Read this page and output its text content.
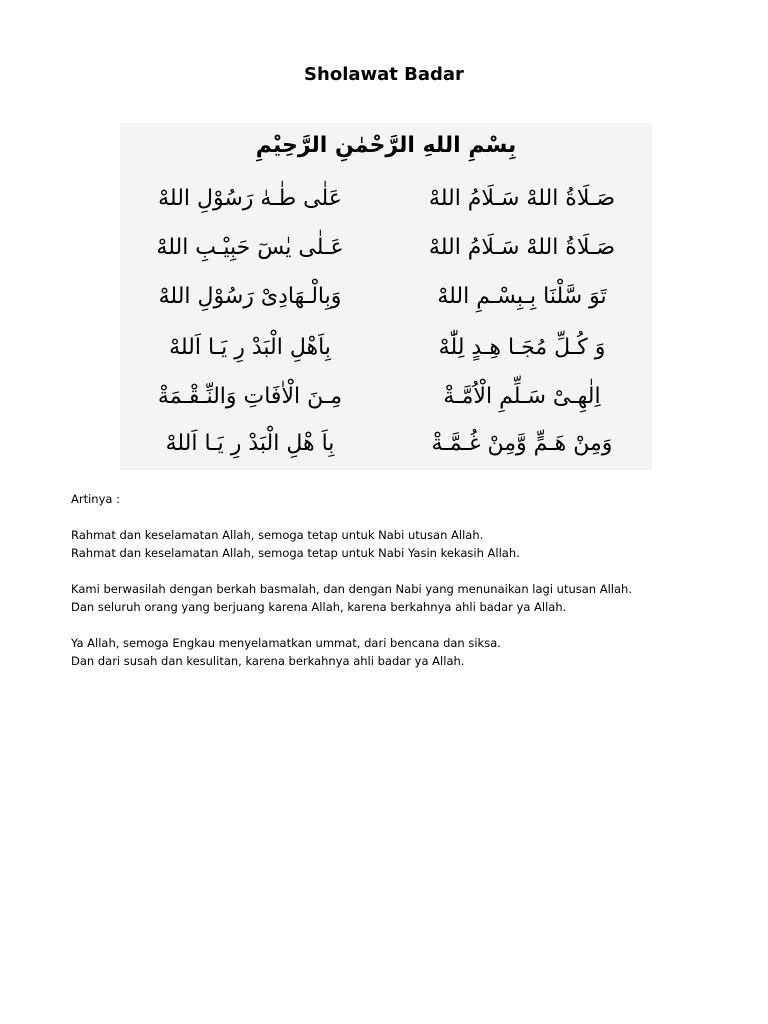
Sholawat Badar
بِسْمِ اللهِ الرَّحْمٰنِ الرَّحِيْمِ
صَـلَاةُ اللهْ سَـلَامُ اللهْ
عَلٰى طٰـهٰ رَسُوْلِ اللهْ
صَـلَاةُ اللهْ سَـلَامُ اللهْ
عَـلٰى يٰسٓ حَبِيْـبِ اللهْ
تَوَ سَّلْنَا بِـبِسْـمِ اللهْ
وَبِالْـهَادِىْ رَسُوْلِ اللهْ
وَ كُـلِّ مُجَـا هِـدٍ لِلّٰهْ
بِاَهْلِ الْبَدْ رِ يَـا اَللهْ
اِلٰهِـىْ سَـلِّمِ الْاُمَّـةْ
مِـنَ الْاٰفَاتِ وَالنِّـقْـمَةْ
وَمِنْ هَـمٍّ وَّمِنْ غُـمَّـةْ
بِاَ هْلِ الْبَدْ رِ يَـا اَللهْ

Artinya :

Rahmat dan keselamatan Allah, semoga tetap untuk Nabi utusan Allah.

Rahmat dan keselamatan Allah, semoga tetap untuk Nabi Yasin kekasih Allah.

Kami berwasilah dengan berkah basmalah, dan dengan Nabi yang menunaikan lagi utusan Allah.

Dan seluruh orang yang berjuang karena Allah, karena berkahnya ahli badar ya Allah.

Ya Allah, semoga Engkau menyelamatkan ummat, dari bencana dan siksa.

Dan dari susah dan kesulitan, karena berkahnya ahli badar ya Allah.
